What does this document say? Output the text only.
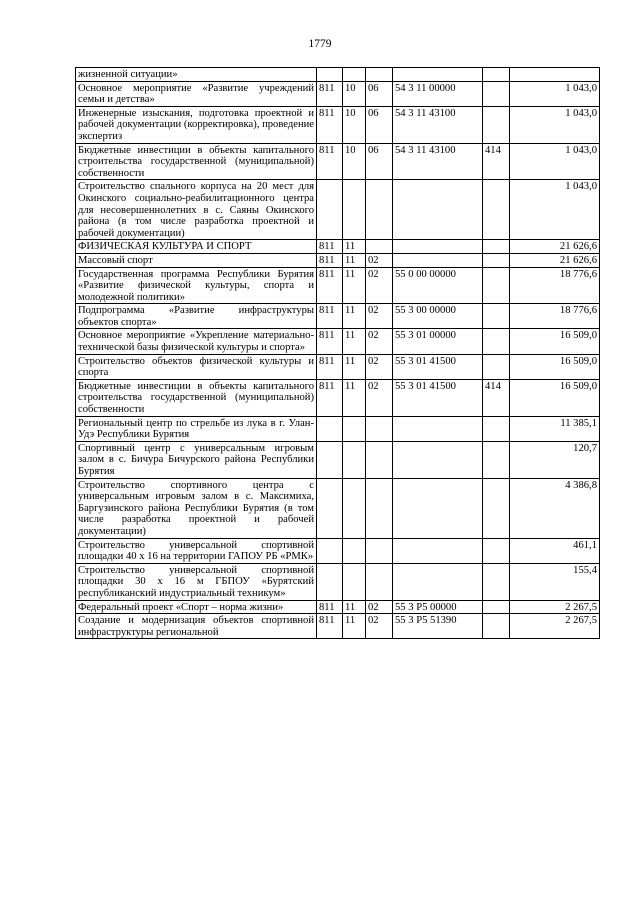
1779
жизненной ситуации»						
Основное мероприятие «Развитие учреждений семьи и детства»	811	10	06	54 3 11 00000		1 043,0
Инженерные изыскания, подготовка проектной и рабочей документации (корректировка), проведение экспертиз	811	10	06	54 3 11 43100		1 043,0
Бюджетные инвестиции в объекты капитального строительства государственной (муниципальной) собственности	811	10	06	54 3 11 43100	414	1 043,0
Строительство спального корпуса на 20 мест для Окинского социально-реабилитационного центра для несовершеннолетних в с. Саяны Окинского района (в том числе разработка проектной и рабочей документации)						1 043,0
ФИЗИЧЕСКАЯ КУЛЬТУРА И СПОРТ	811	11				21 626,6
Массовый спорт	811	11	02			21 626,6
Государственная программа Республики Бурятия «Развитие физической культуры, спорта и молодежной политики»	811	11	02	55 0 00 00000		18 776,6
Подпрограмма «Развитие инфраструктуры объектов спорта»	811	11	02	55 3 00 00000		18 776,6
Основное мероприятие «Укрепление материально-технической базы физической культуры и спорта»	811	11	02	55 3 01 00000		16 509,0
Строительство объектов физической культуры и спорта	811	11	02	55 3 01 41500		16 509,0
Бюджетные инвестиции в объекты капитального строительства государственной (муниципальной) собственности	811	11	02	55 3 01 41500	414	16 509,0
Региональный центр по стрельбе из лука в г. Улан-Удэ Республики Бурятия						11 385,1
Спортивный центр с универсальным игровым залом в с. Бичура Бичурского района Республики Бурятия						120,7
Строительство спортивного центра с универсальным игровым залом в с. Максимиха, Баргузинского района Республики Бурятия (в том числе разработка проектной и рабочей документации)						4 386,8
Строительство универсальной спортивной площадки 40 х 16 на территории ГАПОУ РБ «РМК»						461,1
Строительство универсальной спортивной площадки 30 х 16 м ГБПОУ «Бурятский республиканский индустриальный техникум»						155,4
Федеральный проект «Спорт – норма жизни»	811	11	02	55 3 P5 00000		2 267,5
Создание и модернизация объектов спортивной инфраструктуры региональной	811	11	02	55 3 P5 51390		2 267,5
